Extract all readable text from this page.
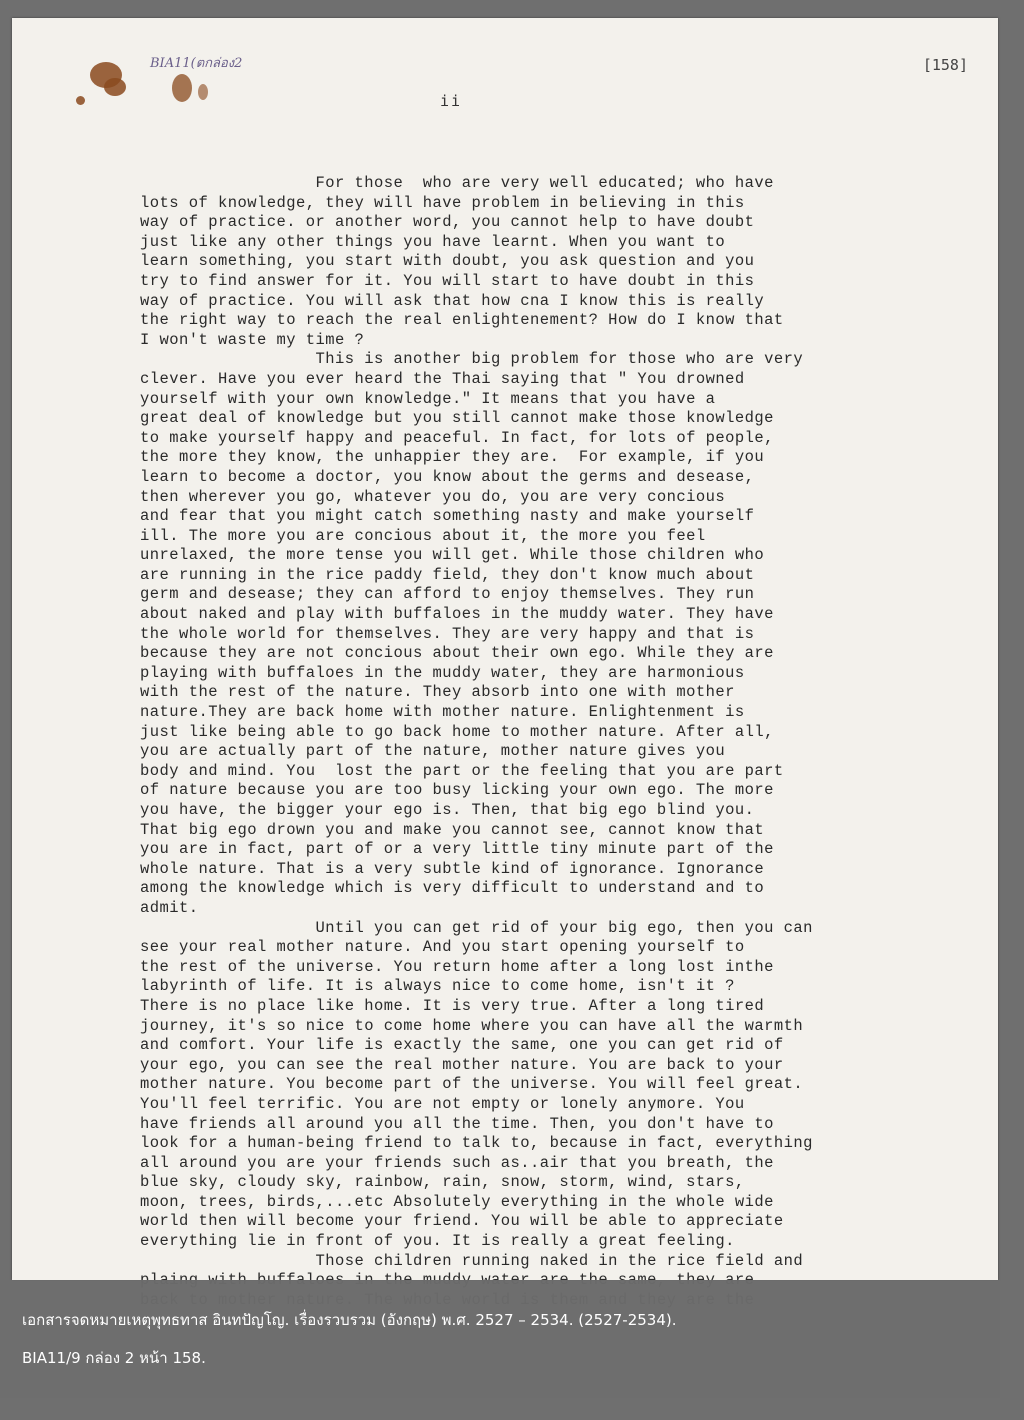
BIA11(ตกล่อง2	[158]
ii
For those  who are very well educated; who have
lots of knowledge, they will have problem in believing in this
way of practice. or another word, you cannot help to have doubt
just like any other things you have learnt. When you want to
learn something, you start with doubt, you ask question and you
try to find answer for it. You will start to have doubt in this
way of practice. You will ask that how cna I know this is really
the right way to reach the real enlightenement? How do I know that
I won't waste my time ?
This is another big problem for those who are very
clever. Have you ever heard the Thai saying that " You drowned
yourself with your own knowledge." It means that you have a
great deal of knowledge but you still cannot make those knowledge
to make yourself happy and peaceful. In fact, for lots of people,
the more they know, the unhappier they are.  For example, if you
learn to become a doctor, you know about the germs and desease,
then wherever you go, whatever you do, you are very concious
and fear that you might catch something nasty and make yourself
ill. The more you are concious about it, the more you feel
unrelaxed, the more tense you will get. While those children who
are running in the rice paddy field, they don't know much about
germ and desease; they can afford to enjoy themselves. They run
about naked and play with buffaloes in the muddy water. They have
the whole world for themselves. They are very happy and that is
because they are not concious about their own ego. While they are
playing with buffaloes in the muddy water, they are harmonious
with the rest of the nature. They absorb into one with mother
nature.They are back home with mother nature. Enlightenment is
just like being able to go back home to mother nature. After all,
you are actually part of the nature, mother nature gives you
body and mind. You  lost the part or the feeling that you are part
of nature because you are too busy licking your own ego. The more
you have, the bigger your ego is. Then, that big ego blind you.
That big ego drown you and make you cannot see, cannot know that
you are in fact, part of or a very little tiny minute part of the
whole nature. That is a very subtle kind of ignorance. Ignorance
among the knowledge which is very difficult to understand and to
admit.
Until you can get rid of your big ego, then you can
see your real mother nature. And you start opening yourself to
the rest of the universe. You return home after a long lost inthe
labyrinth of life. It is always nice to come home, isn't it ?
There is no place like home. It is very true. After a long tired
journey, it's so nice to come home where you can have all the warmth
and comfort. Your life is exactly the same, one you can get rid of
your ego, you can see the real mother nature. You are back to your
mother nature. You become part of the universe. You will feel great.
You'll feel terrific. You are not empty or lonely anymore. You
have friends all around you all the time. Then, you don't have to
look for a human-being friend to talk to, because in fact, everything
all around you are your friends such as..air that you breath, the
blue sky, cloudy sky, rainbow, rain, snow, storm, wind, stars,
moon, trees, birds,...etc Absolutely everything in the whole wide
world then will become your friend. You will be able to appreciate
everything lie in front of you. It is really a great feeling.
Those children running naked in the rice field and
เอกสารจดหมายเหตุพุทธทาส อินทปัญโญ. เรื่องรวบรวม (อังกฤษ) พ.ศ. 2527 – 2534. (2527-2534).
BIA11/9 กล่อง 2 หน้า 158.
